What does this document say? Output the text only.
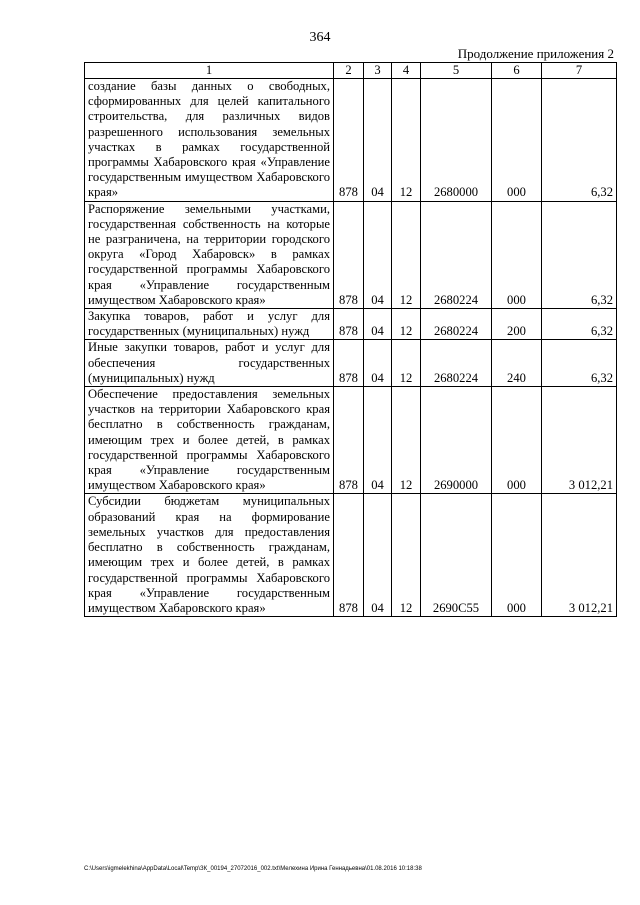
364
Продолжение приложения 2
1	2	3	4	5	6	7
создание базы данных о свободных, сформированных для целей капитального строительства, для различных видов разрешенного использования земельных участках в рамках государственной программы Хабаровского края «Управление государственным имуществом Хабаровского края»	878	04	12	2680000	000	6,32
Распоряжение земельными участками, государственная собственность на которые не разграничена, на территории городского округа «Город Хабаровск» в рамках государственной программы Хабаровского края «Управление государственным имуществом Хабаровского края»	878	04	12	2680224	000	6,32
Закупка товаров, работ и услуг для государственных (муниципальных) нужд	878	04	12	2680224	200	6,32
Иные закупки товаров, работ и услуг для обеспечения государственных (муниципальных) нужд	878	04	12	2680224	240	6,32
Обеспечение предоставления земельных участков на территории Хабаровского края бесплатно в собственность гражданам, имеющим трех и более детей, в рамках государственной программы Хабаровского края «Управление государственным имуществом Хабаровского края»	878	04	12	2690000	000	3 012,21
Субсидии бюджетам муниципальных образований края на формирование земельных участков для предоставления бесплатно в собственность гражданам, имеющим трех и более детей, в рамках государственной программы Хабаровского края «Управление государственным имуществом Хабаровского края»	878	04	12	2690С55	000	3 012,21
C:\Users\igmelekhina\AppData\Local\Temp\ЗК_00194_27072016_002.txt\Мелехина Ирина Геннадьевна\01.08.2016 10:18:38
